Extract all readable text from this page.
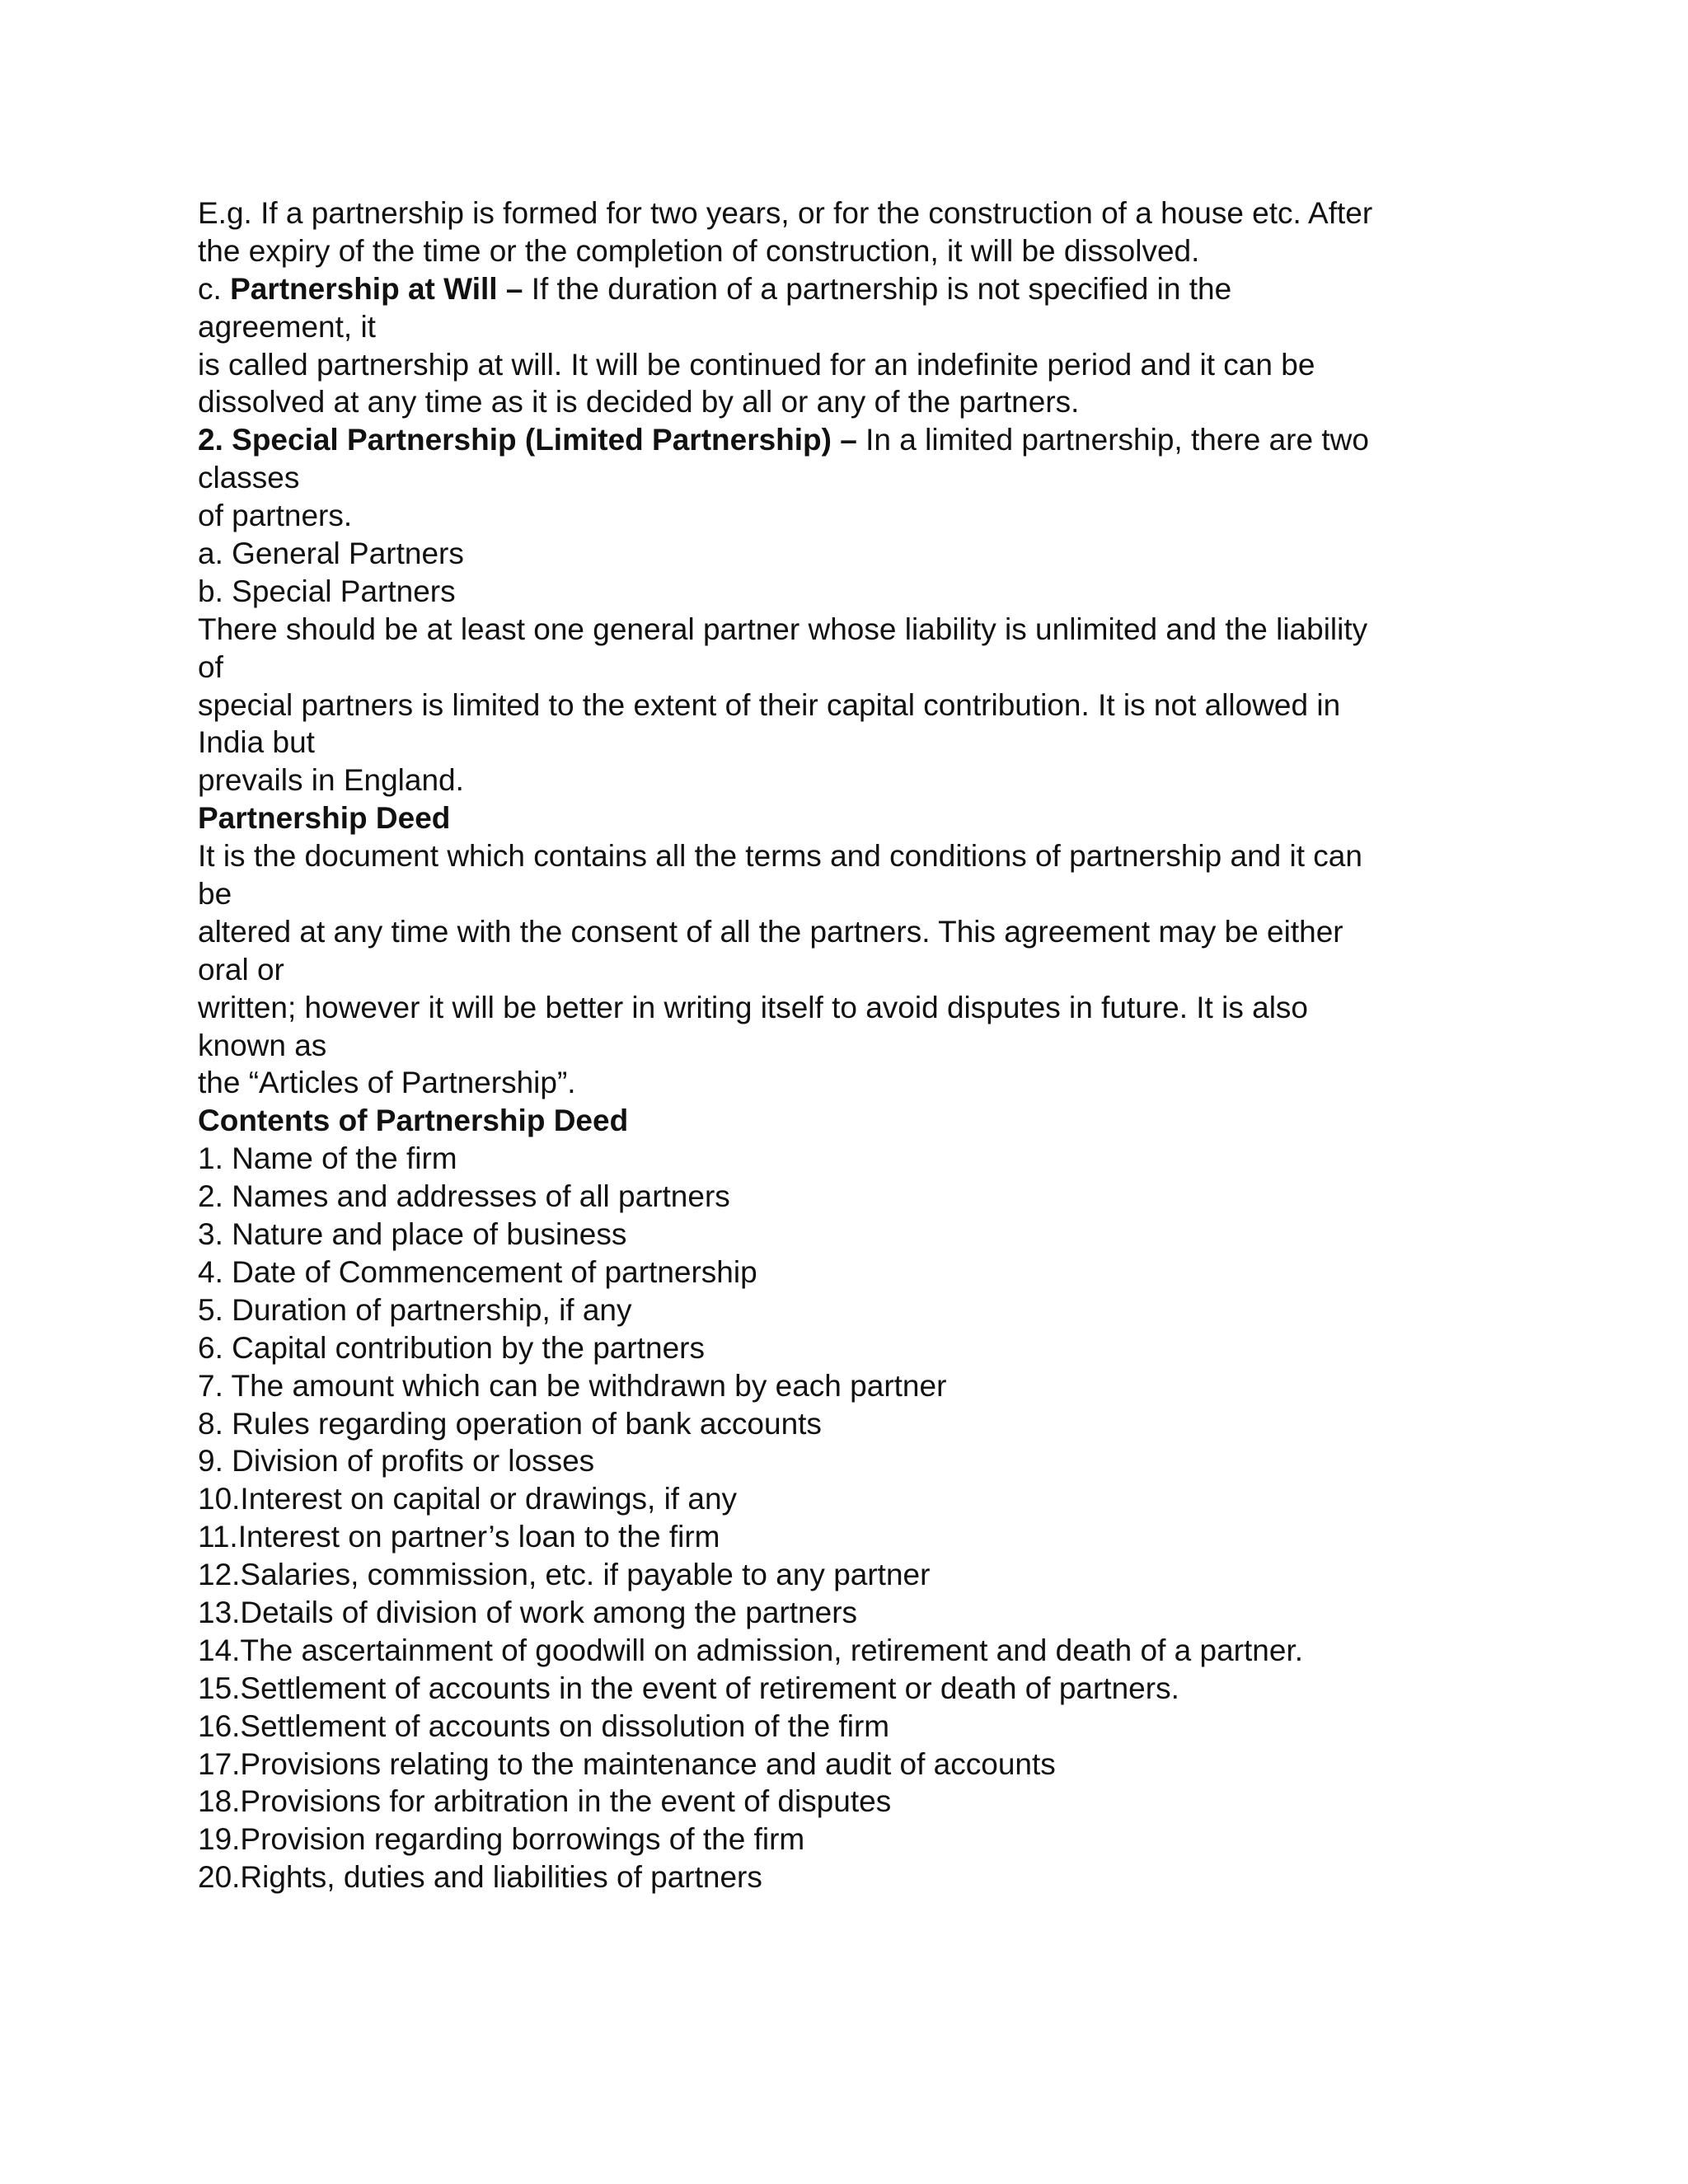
E.g. If a partnership is formed for two years, or for the construction of a house etc. After
the expiry of the time or the completion of construction, it will be dissolved.
c. Partnership at Will – If the duration of a partnership is not specified in the
agreement, it
is called partnership at will. It will be continued for an indefinite period and it can be
dissolved at any time as it is decided by all or any of the partners.
2. Special Partnership (Limited Partnership) – In a limited partnership, there are two
classes
of partners.
a. General Partners
b. Special Partners
There should be at least one general partner whose liability is unlimited and the liability
of
special partners is limited to the extent of their capital contribution. It is not allowed in
India but
prevails in England.
Partnership Deed
It is the document which contains all the terms and conditions of partnership and it can
be
altered at any time with the consent of all the partners. This agreement may be either
oral or
written; however it will be better in writing itself to avoid disputes in future. It is also
known as
the “Articles of Partnership”.
Contents of Partnership Deed
1. Name of the firm
2. Names and addresses of all partners
3. Nature and place of business
4. Date of Commencement of partnership
5. Duration of partnership, if any
6. Capital contribution by the partners
7. The amount which can be withdrawn by each partner
8. Rules regarding operation of bank accounts
9. Division of profits or losses
10.Interest on capital or drawings, if any
11.Interest on partner’s loan to the firm
12.Salaries, commission, etc. if payable to any partner
13.Details of division of work among the partners
14.The ascertainment of goodwill on admission, retirement and death of a partner.
15.Settlement of accounts in the event of retirement or death of partners.
16.Settlement of accounts on dissolution of the firm
17.Provisions relating to the maintenance and audit of accounts
18.Provisions for arbitration in the event of disputes
19.Provision regarding borrowings of the firm
20.Rights, duties and liabilities of partners
